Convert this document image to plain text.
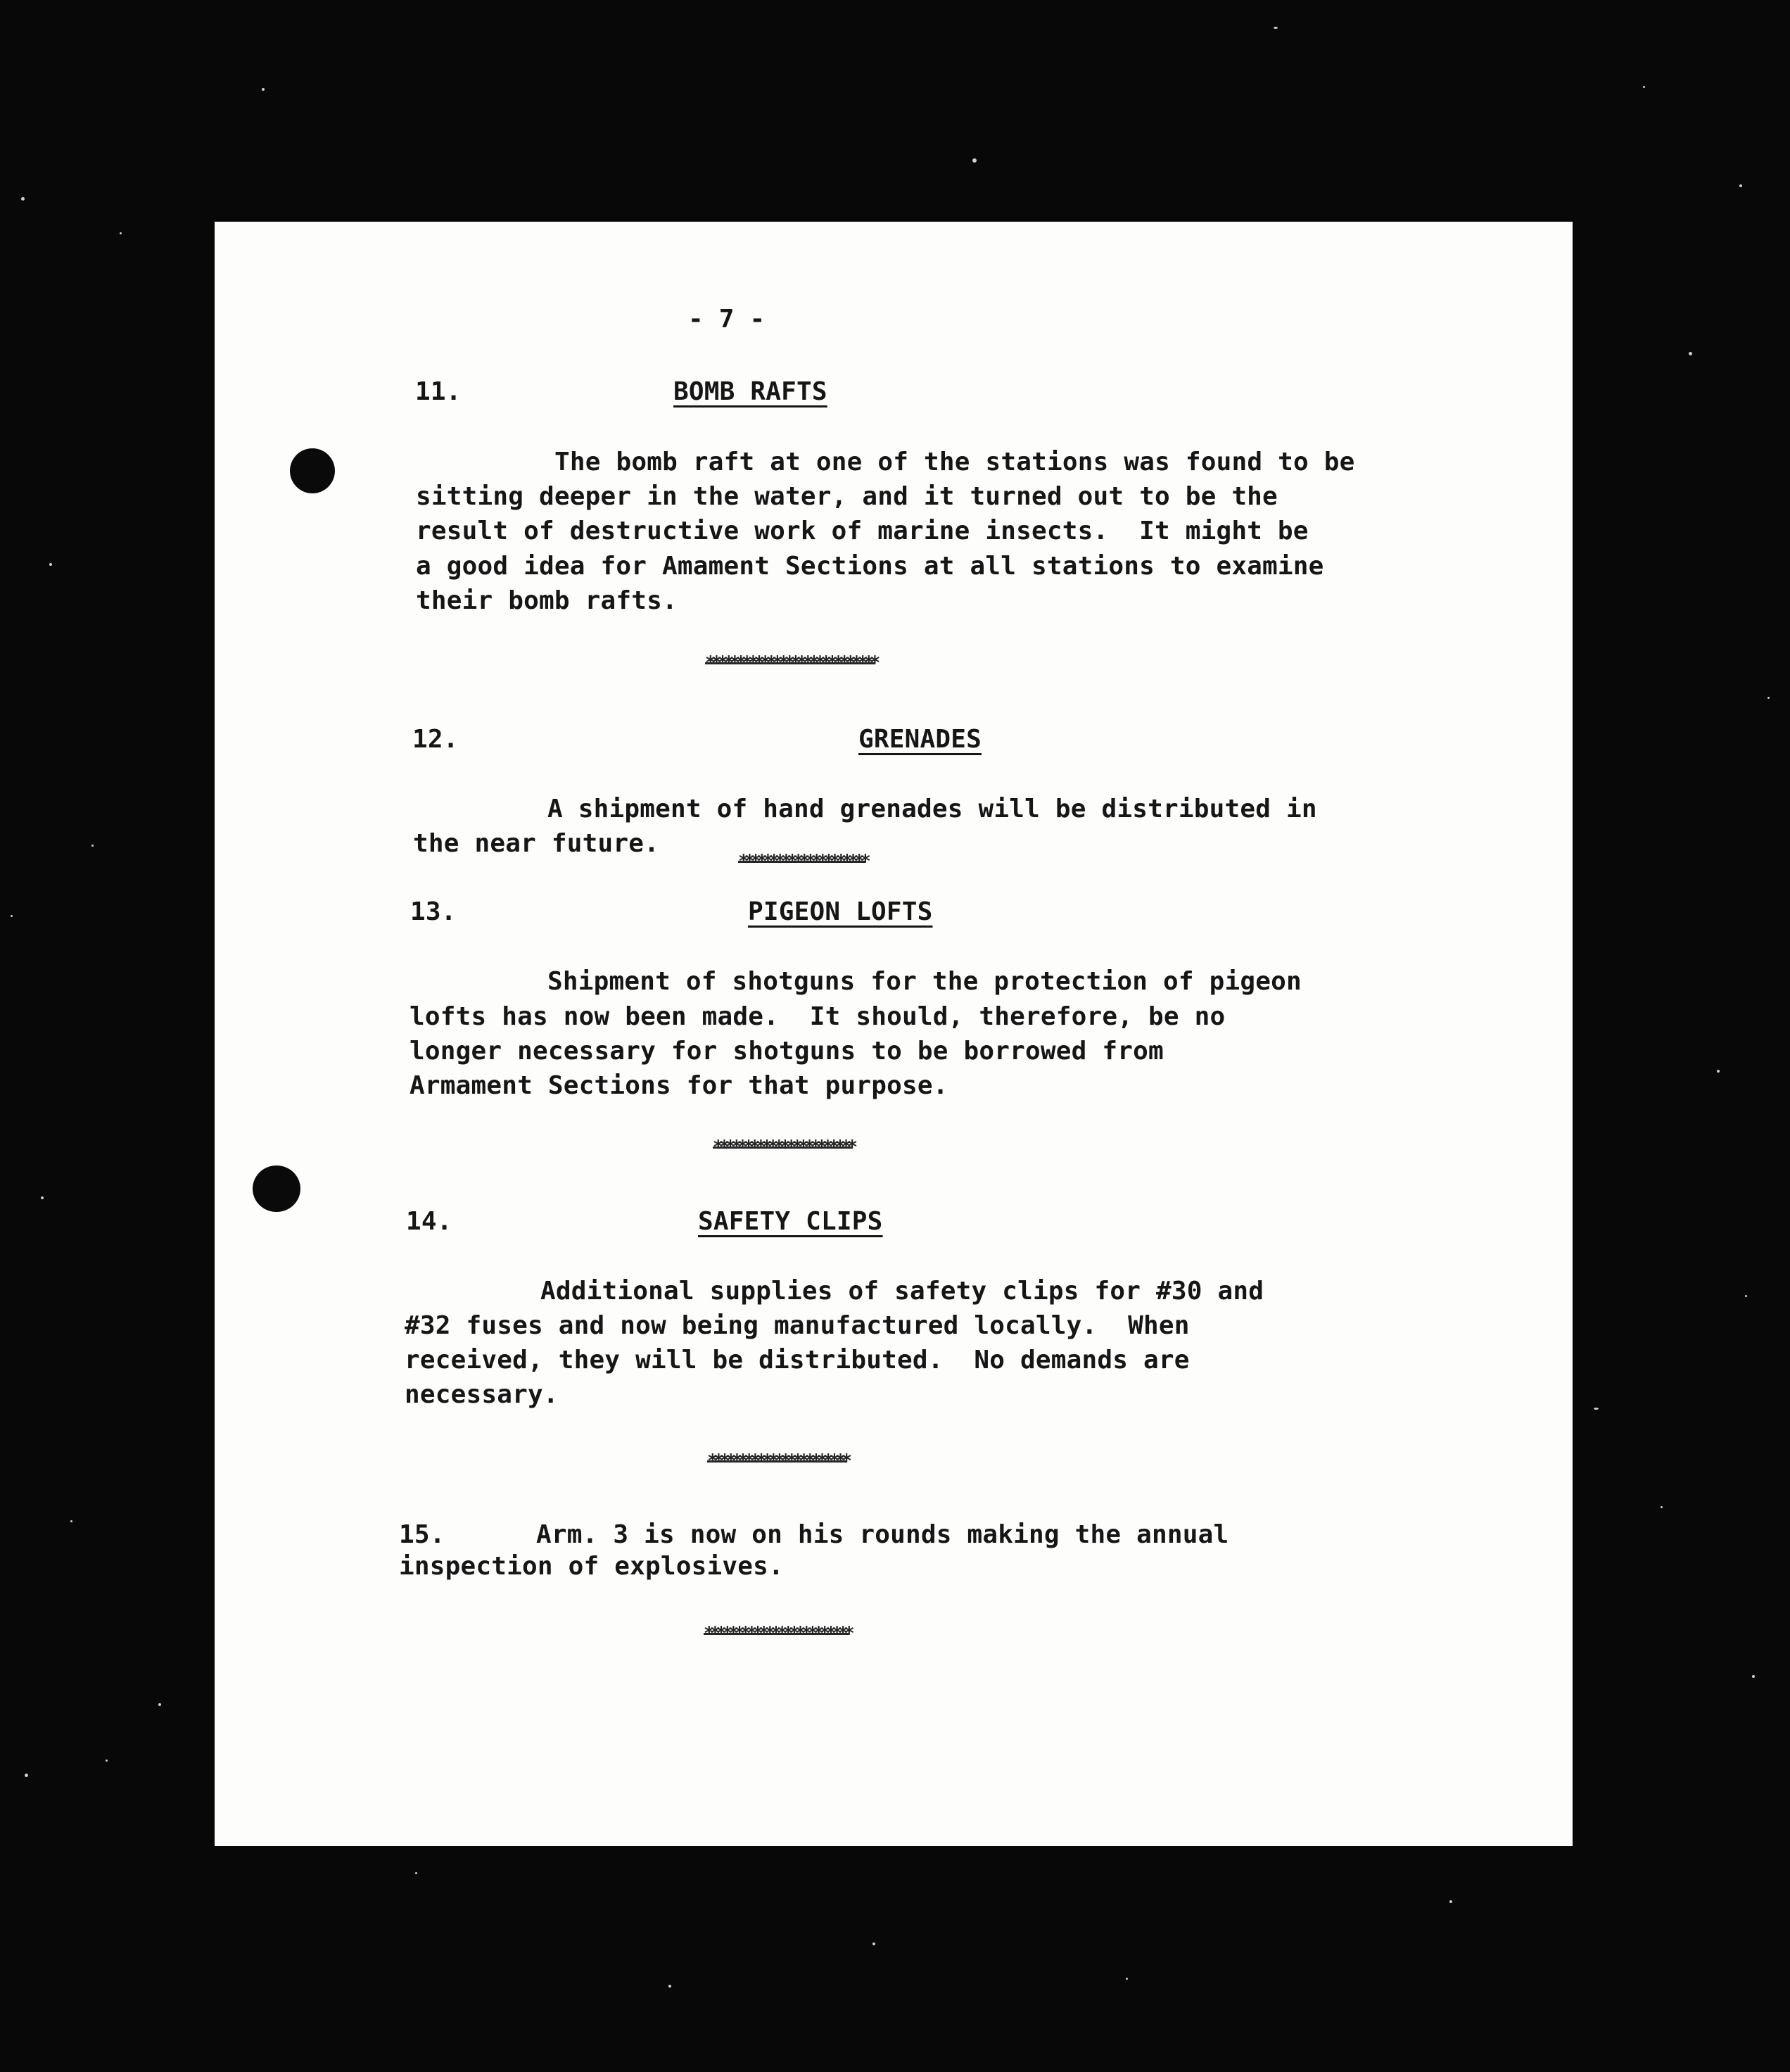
- 7 -
11.	BOMB RAFTS
The bomb raft at one of the stations was found to be
sitting deeper in the water, and it turned out to be the
result of destructive work of marine insects.  It might be
a good idea for Amament Sections at all stations to examine
their bomb rafts.
****************************
12.	GRENADES
A shipment of hand grenades will be distributed in
the near future.
*********************
13.	PIGEON LOFTS
Shipment of shotguns for the protection of pigeon
lofts has now been made.  It should, therefore, be no
longer necessary for shotguns to be borrowed from
Armament Sections for that purpose.
***********************
14.	SAFETY CLIPS
Additional supplies of safety clips for #30 and
#32 fuses and now being manufactured locally.  When
received, they will be distributed.  No demands are
necessary.
***********************
15.	Arm. 3 is now on his rounds making the annual
inspection of explosives.
************************
